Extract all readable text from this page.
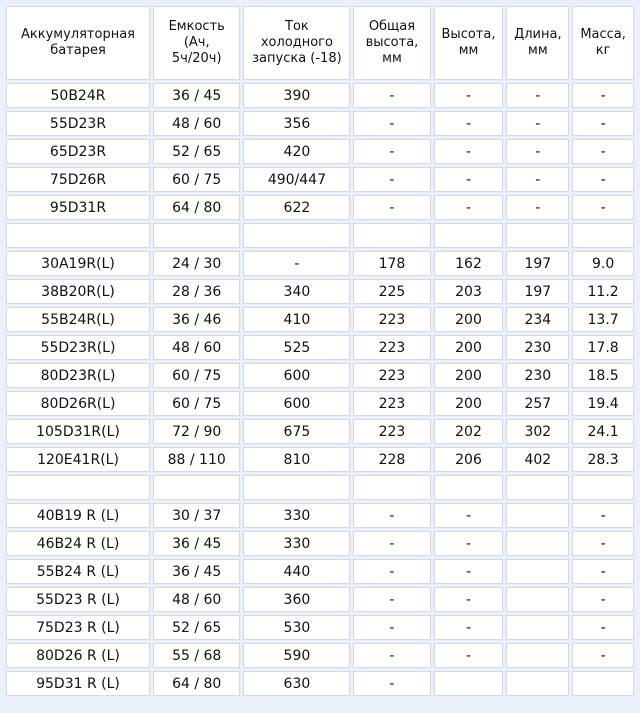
Аккумуляторная
батарея	Емкость
(Ач,
5ч/20ч)	Ток
холодного
запуска (-18)	Общая
высота,
мм	Высота,
мм	Длина,
мм	Масса,
кг
50B24R	36 / 45	390	-	-	-	-
55D23R	48 / 60	356	-	-	-	-
65D23R	52 / 65	420	-	-	-	-
75D26R	60 / 75	490/447	-	-	-	-
95D31R	64 / 80	622	-	-	-	-

30A19R(L)	24 / 30	-	178	162	197	9.0
38B20R(L)	28 / 36	340	225	203	197	11.2
55B24R(L)	36 / 46	410	223	200	234	13.7
55D23R(L)	48 / 60	525	223	200	230	17.8
80D23R(L)	60 / 75	600	223	200	230	18.5
80D26R(L)	60 / 75	600	223	200	257	19.4
105D31R(L)	72 / 90	675	223	202	302	24.1
120E41R(L)	88 / 110	810	228	206	402	28.3

40B19 R (L)	30 / 37	330	-	-		-
46B24 R (L)	36 / 45	330	-	-		-
55B24 R (L)	36 / 45	440	-	-		-
55D23 R (L)	48 / 60	360	-	-		-
75D23 R (L)	52 / 65	530	-	-		-
80D26 R (L)	55 / 68	590	-	-		-
95D31 R (L)	64 / 80	630	-			
